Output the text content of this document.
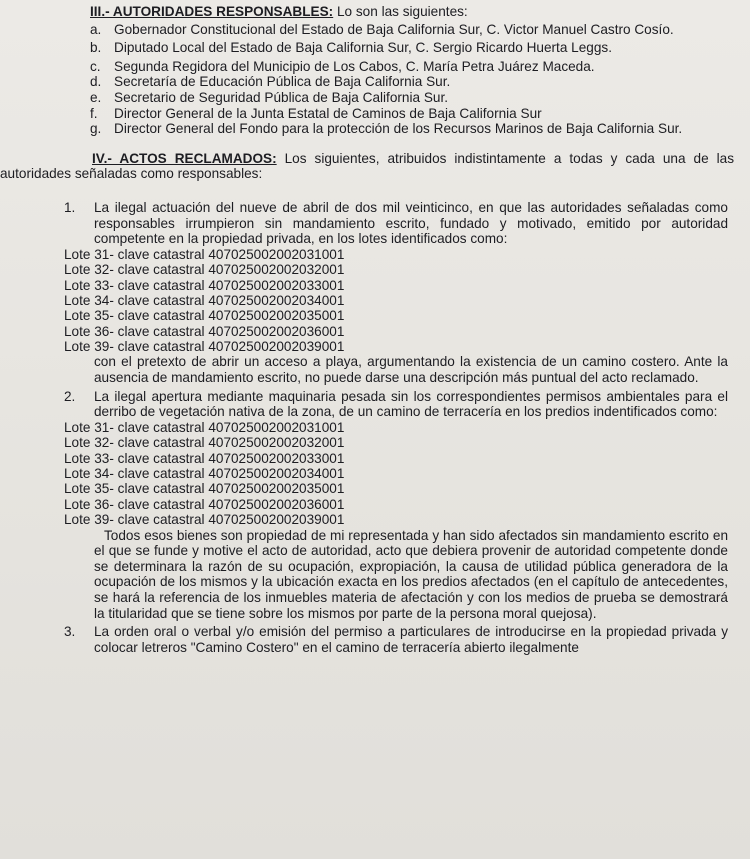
III.- AUTORIDADES RESPONSABLES: Lo son las siguientes:

a. Gobernador Constitucional del Estado de Baja California Sur, C. Victor Manuel Castro Cosío.
b. Diputado Local del Estado de Baja California Sur, C. Sergio Ricardo Huerta Leggs.
c. Segunda Regidora del Municipio de Los Cabos, C. María Petra Juárez Maceda.
d. Secretaría de Educación Pública de Baja California Sur.
e. Secretario de Seguridad Pública de Baja California Sur.
f. Director General de la Junta Estatal de Caminos de Baja California Sur
g. Director General del Fondo para la protección de los Recursos Marinos de Baja California Sur.

IV.- ACTOS RECLAMADOS: Los siguientes, atribuidos indistintamente a todas y cada una de las autoridades señaladas como responsables:

1. La ilegal actuación del nueve de abril de dos mil veinticinco, en que las autoridades señaladas como responsables irrumpieron sin mandamiento escrito, fundado y motivado, emitido por autoridad competente en la propiedad privada, en los lotes identificados como:
Lote 31- clave catastral 407025002002031001
Lote 32- clave catastral 407025002002032001
Lote 33- clave catastral 407025002002033001
Lote 34- clave catastral 407025002002034001
Lote 35- clave catastral 407025002002035001
Lote 36- clave catastral 407025002002036001
Lote 39- clave catastral 407025002002039001
con el pretexto de abrir un acceso a playa, argumentando la existencia de un camino costero. Ante la ausencia de mandamiento escrito, no puede darse una descripción más puntual del acto reclamado.
2. La ilegal apertura mediante maquinaria pesada sin los correspondientes permisos ambientales para el derribo de vegetación nativa de la zona, de un camino de terracería en los predios indentificados como:
Lote 31- clave catastral 407025002002031001
Lote 32- clave catastral 407025002002032001
Lote 33- clave catastral 407025002002033001
Lote 34- clave catastral 407025002002034001
Lote 35- clave catastral 407025002002035001
Lote 36- clave catastral 407025002002036001
Lote 39- clave catastral 407025002002039001
Todos esos bienes son propiedad de mi representada y han sido afectados sin mandamiento escrito en el que se funde y motive el acto de autoridad, acto que debiera provenir de autoridad competente donde se determinara la razón de su ocupación, expropiación, la causa de utilidad pública generadora de la ocupación de los mismos y la ubicación exacta en los predios afectados (en el capítulo de antecedentes, se hará la referencia de los inmuebles materia de afectación y con los medios de prueba se demostrará la titularidad que se tiene sobre los mismos por parte de la persona moral quejosa).
3. La orden oral o verbal y/o emisión del permiso a particulares de introducirse en la propiedad privada y colocar letreros "Camino Costero" en el camino de terracería abierto ilegalmente
